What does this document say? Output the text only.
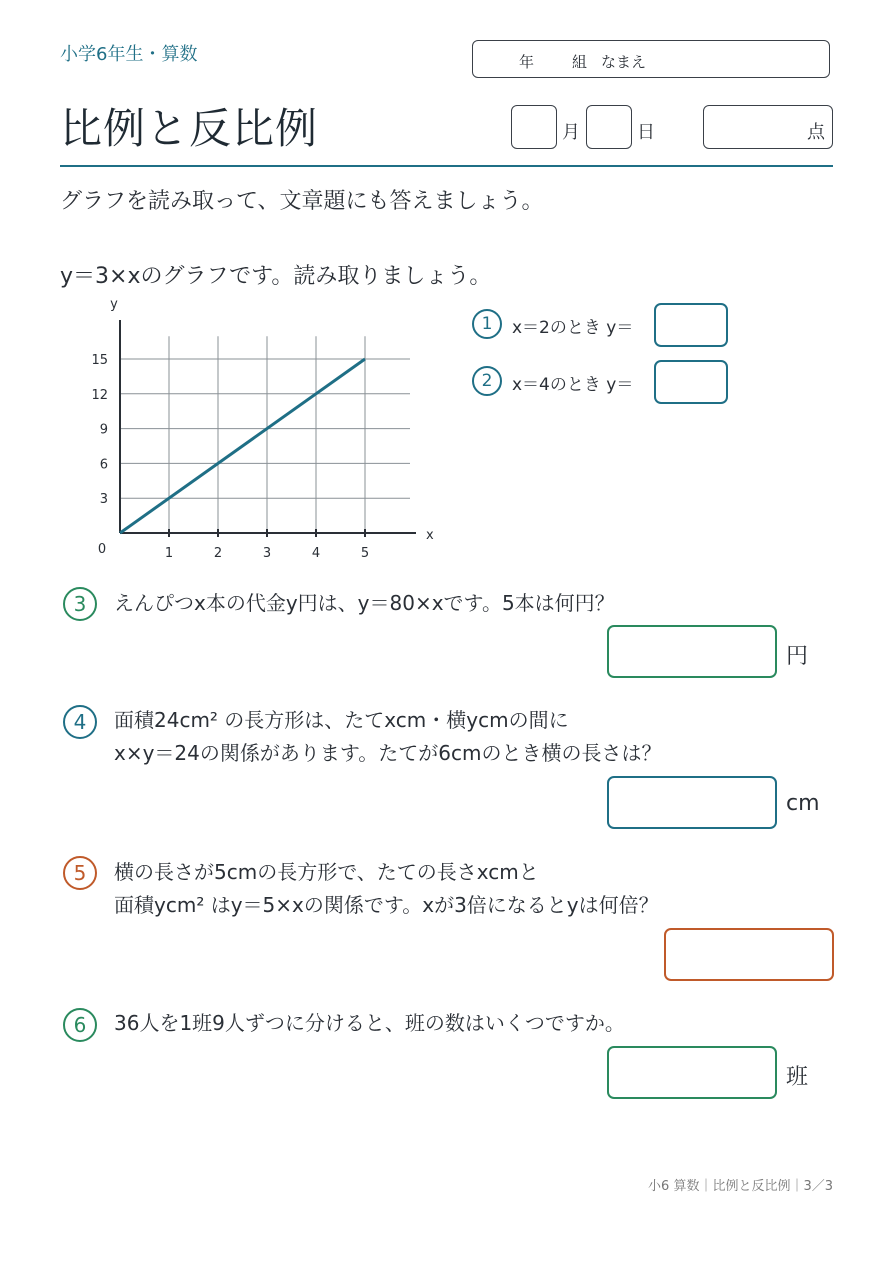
小学6年生・算数	年	組 なまえ
比例と反比例	月	日	点
グラフを読み取って、文章題にも答えましょう。
y＝3×xのグラフです。読み取りましょう。
3
6
9
12
15
1	2	3	4	5
x
y
0
1	x＝2のとき y＝
2	x＝4のとき y＝
3	えんぴつx本の代金y円は、y＝80×xです。5本は何円？
円
4	面積24cm² の長方形は、たてxcm・横ycmの間に
x×y＝24の関係があります。たてが6cmのとき横の長さは？
cm
5	横の長さが5cmの長方形で、たての長さxcmと
面積ycm² はy＝5×xの関係です。xが3倍になるとyは何倍？
6	36人を1班9人ずつに分けると、班の数はいくつですか。
班
小6 算数｜比例と反比例｜3／3
